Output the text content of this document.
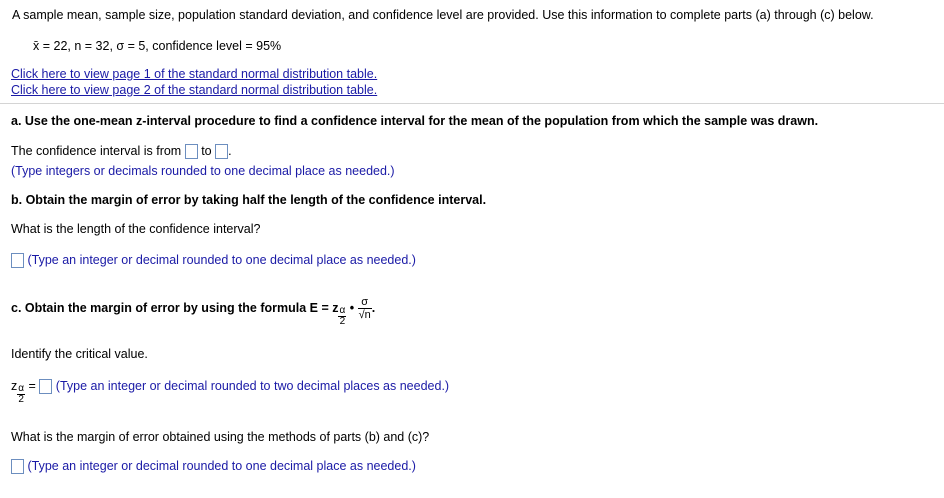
A sample mean, sample size, population standard deviation, and confidence level are provided. Use this information to complete parts (a) through (c) below.
x̄ = 22, n = 32, σ = 5, confidence level = 95%
Click here to view page 1 of the standard normal distribution table.
Click here to view page 2 of the standard normal distribution table.
a. Use the one-mean z-interval procedure to find a confidence interval for the mean of the population from which the sample was drawn.
The confidence interval is from to .
(Type integers or decimals rounded to one decimal place as needed.)
b. Obtain the margin of error by taking half the length of the confidence interval.
What is the length of the confidence interval?
(Type an integer or decimal rounded to one decimal place as needed.)
c. Obtain the margin of error by using the formula E = z $\frac{\alpha}{2}$ • $\frac{\sigma}{√n}$ .
Identify the critical value.
z $\frac{\alpha}{2}$ = (Type an integer or decimal rounded to two decimal places as needed.)
What is the margin of error obtained using the methods of parts (b) and (c)?
(Type an integer or decimal rounded to one decimal place as needed.)
